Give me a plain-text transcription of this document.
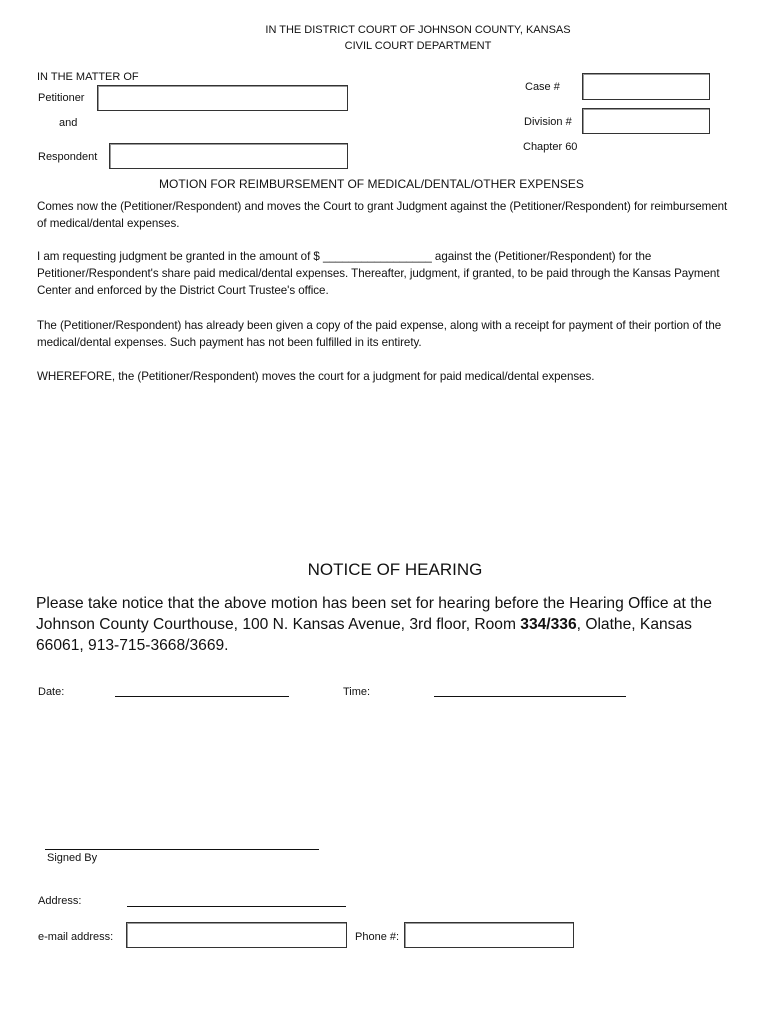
IN THE DISTRICT COURT OF JOHNSON COUNTY, KANSAS
CIVIL COURT DEPARTMENT
IN THE MATTER OF
Petitioner
and
Respondent
Case #
Division #
Chapter 60
MOTION FOR REIMBURSEMENT OF MEDICAL/DENTAL/OTHER EXPENSES
Comes now the (Petitioner/Respondent) and moves the Court to grant Judgment against the (Petitioner/Respondent) for reimbursement of medical/dental expenses.
I am requesting judgment be granted in the amount of $ _________________ against the (Petitioner/Respondent) for the Petitioner/Respondent's share paid medical/dental expenses. Thereafter, judgment, if granted, to be paid through the Kansas Payment Center and enforced by the District Court Trustee's office.
The (Petitioner/Respondent) has already been given a copy of the paid expense, along with a receipt for payment of their portion of the medical/dental expenses. Such payment has not been fulfilled in its entirety.
WHEREFORE, the (Petitioner/Respondent) moves the court for a judgment for paid medical/dental expenses.
NOTICE OF HEARING
Please take notice that the above motion has been set for hearing before the Hearing Office at the Johnson County Courthouse, 100 N. Kansas Avenue, 3rd floor, Room 334/336, Olathe, Kansas 66061, 913-715-3668/3669.
Date:	Time:
Signed By
Address:
e-mail address:	Phone #:
